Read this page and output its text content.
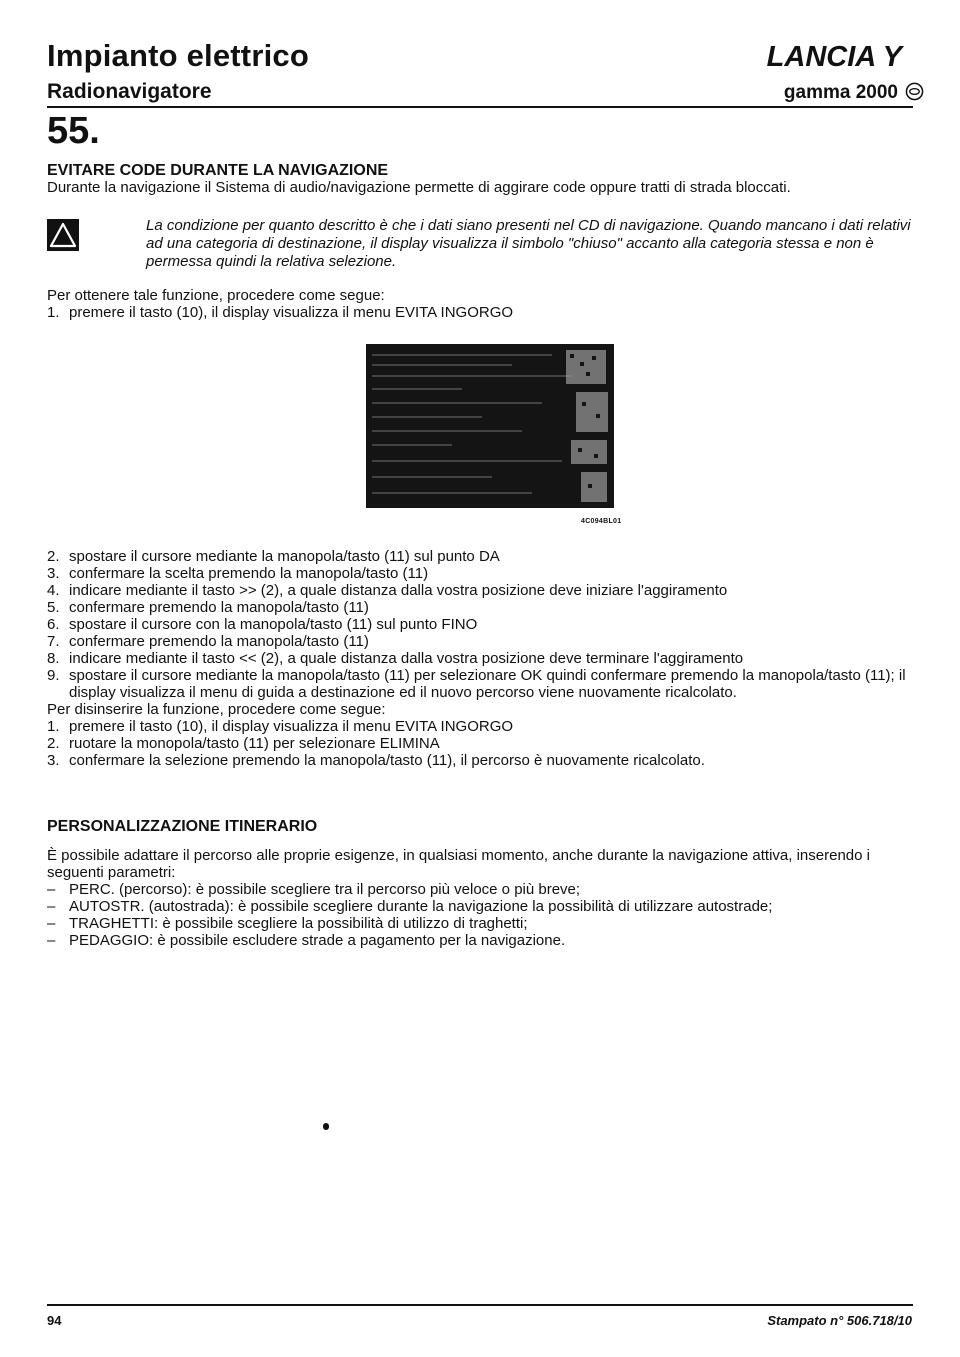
Impianto elettrico
Radionavigatore
LANCIA Y
gamma 2000
55.
EVITARE CODE DURANTE LA NAVIGAZIONE
Durante la navigazione il Sistema di audio/navigazione permette di aggirare code oppure tratti di strada bloccati.
La condizione per quanto descritto è che i dati siano presenti nel CD di navigazione. Quando mancano i dati relativi ad una categoria di destinazione, il display visualizza il simbolo "chiuso" accanto alla categoria stessa e non è permessa quindi la relativa selezione.
Per ottenere tale funzione, procedere come segue:
1. premere il tasto (10), il display visualizza il menu EVITA INGORGO
4C094BL01
2. spostare il cursore mediante la manopola/tasto (11) sul punto DA
3. confermare la scelta premendo la manopola/tasto (11)
4. indicare mediante il tasto >> (2), a quale distanza dalla vostra posizione deve iniziare l'aggiramento
5. confermare premendo la manopola/tasto (11)
6. spostare il cursore con la manopola/tasto (11) sul punto FINO
7. confermare premendo la manopola/tasto (11)
8. indicare mediante il tasto << (2), a quale distanza dalla vostra posizione deve terminare l'aggiramento
9. spostare il cursore mediante la manopola/tasto (11) per selezionare OK quindi confermare premendo la manopola/tasto (11); il display visualizza il menu di guida a destinazione ed il nuovo percorso viene nuovamente ricalcolato.
Per disinserire la funzione, procedere come segue:
1. premere il tasto (10), il display visualizza il menu EVITA INGORGO
2. ruotare la monopola/tasto (11) per selezionare ELIMINA
3. confermare la selezione premendo la manopola/tasto (11), il percorso è nuovamente ricalcolato.
PERSONALIZZAZIONE ITINERARIO
È possibile adattare il percorso alle proprie esigenze, in qualsiasi momento, anche durante la navigazione attiva, inserendo i seguenti parametri:
– PERC. (percorso): è possibile scegliere tra il percorso più veloce o più breve;
– AUTOSTR. (autostrada): è possibile scegliere durante la navigazione la possibilità di utilizzare autostrade;
– TRAGHETTI: è possibile scegliere la possibilità di utilizzo di traghetti;
– PEDAGGIO: è possibile escludere strade a pagamento per la navigazione.
94	Stampato n° 506.718/10
